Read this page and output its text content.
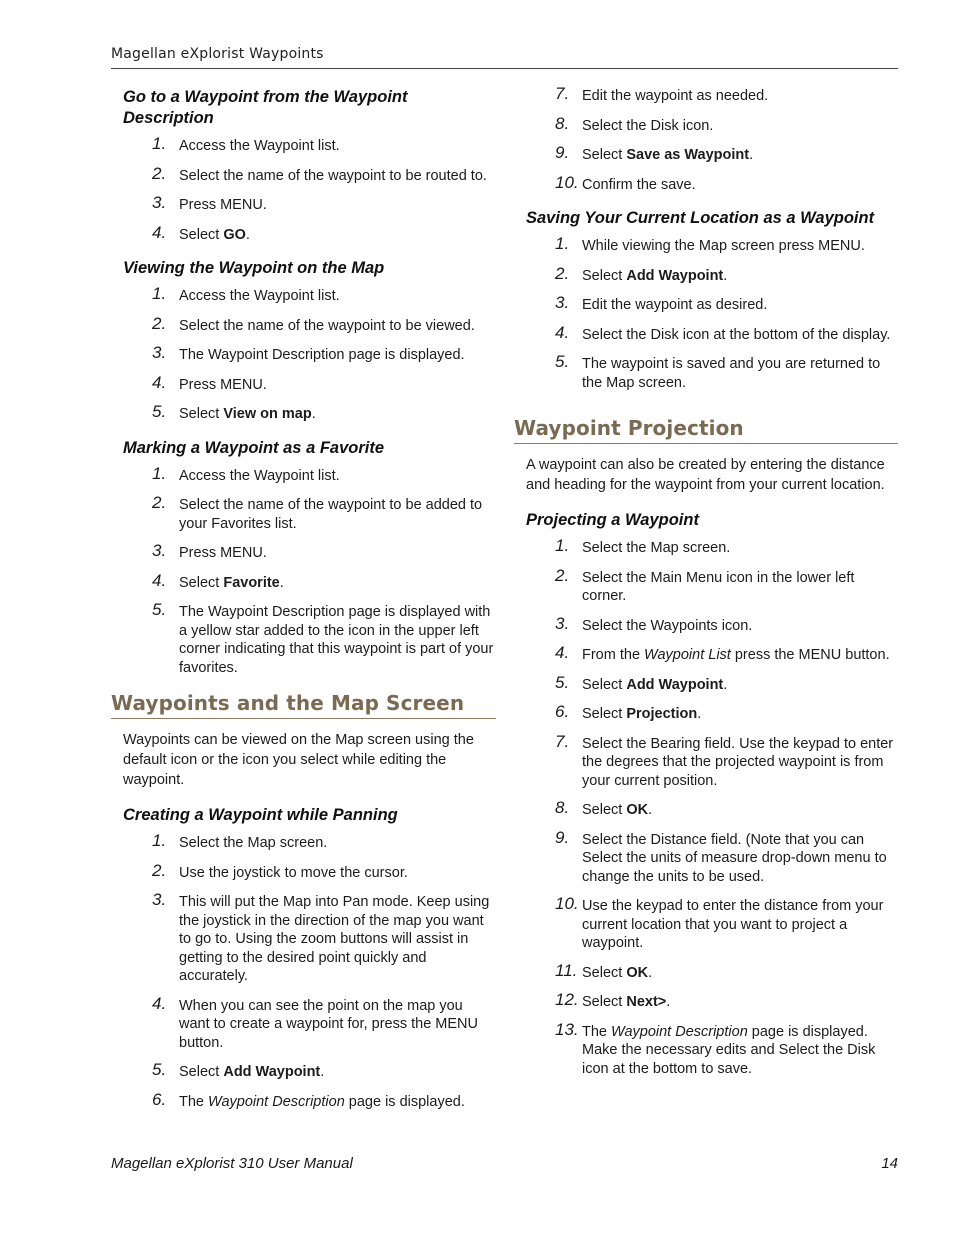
Magellan eXplorist Waypoints
Go to a Waypoint from the Waypoint Description
1. Access the Waypoint list.
2. Select the name of the waypoint to be routed to.
3. Press MENU.
4. Select GO.
Viewing the Waypoint on the Map
1. Access the Waypoint list.
2. Select the name of the waypoint to be viewed.
3. The Waypoint Description page is displayed.
4. Press MENU.
5. Select View on map.
Marking a Waypoint as a Favorite
1. Access the Waypoint list.
2. Select the name of the waypoint to be added to your Favorites list.
3. Press MENU.
4. Select Favorite.
5. The Waypoint Description page is displayed with a yellow star added to the icon in the upper left corner indicating that this waypoint is part of your favorites.
Waypoints and the Map Screen

Waypoints can be viewed on the Map screen using the default icon or the icon you select while editing the waypoint.

Creating a Waypoint while Panning
1. Select the Map screen.
2. Use the joystick to move the cursor.
3. This will put the Map into Pan mode. Keep using the joystick in the direction of the map you want to go to. Using the zoom buttons will assist in getting to the desired point quickly and accurately.
4. When you can see the point on the map you want to create a waypoint for, press the MENU button.
5. Select Add Waypoint.
6. The Waypoint Description page is displayed.
7. Edit the waypoint as needed.
8. Select the Disk icon.
9. Select Save as Waypoint.
10. Confirm the save.
Saving Your Current Location as a Waypoint
1. While viewing the Map screen press MENU.
2. Select Add Waypoint.
3. Edit the waypoint as desired.
4. Select the Disk icon at the bottom of the display.
5. The waypoint is saved and you are returned to the Map screen.
Waypoint Projection

A waypoint can also be created by entering the distance and heading for the waypoint from your current location.

Projecting a Waypoint
1. Select the Map screen.
2. Select the Main Menu icon in the lower left corner.
3. Select the Waypoints icon.
4. From the Waypoint List press the MENU button.
5. Select Add Waypoint.
6. Select Projection.
7. Select the Bearing field. Use the keypad to enter the degrees that the projected waypoint is from your current position.
8. Select OK.
9. Select the Distance field. (Note that you can Select the units of measure drop-down menu to change the units to be used.
10. Use the keypad to enter the distance from your current location that you want to project a waypoint.
11. Select OK.
12. Select Next>.
13. The Waypoint Description page is displayed. Make the necessary edits and Select the Disk icon at the bottom to save.
Magellan eXplorist 310 User Manual	14
